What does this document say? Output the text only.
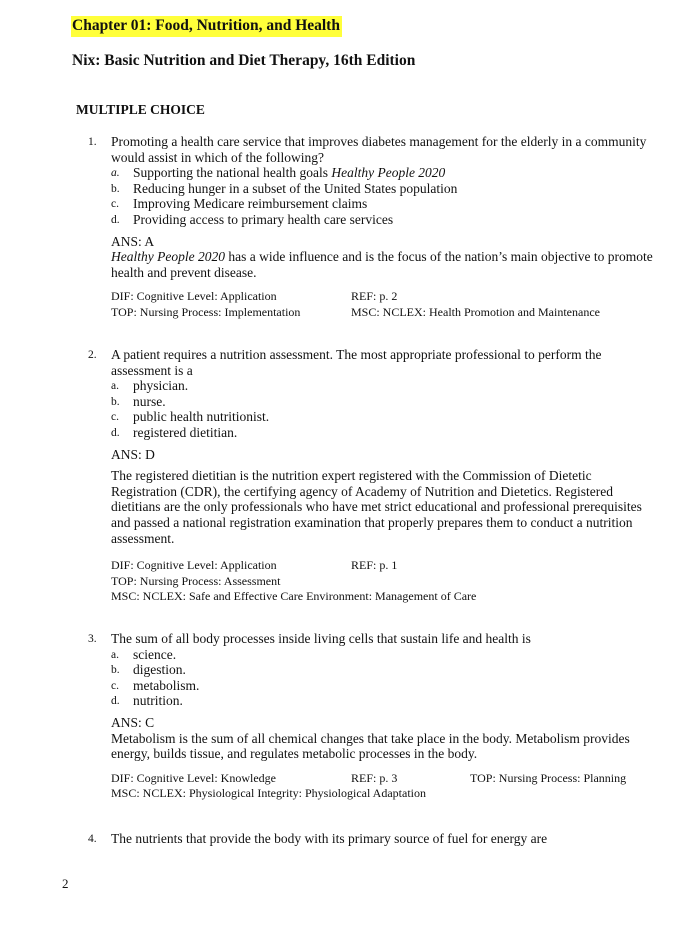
Chapter 01: Food, Nutrition, and Health
Nix: Basic Nutrition and Diet Therapy, 16th Edition
MULTIPLE CHOICE
1. Promoting a health care service that improves diabetes management for the elderly in a community would assist in which of the following?
a. Supporting the national health goals Healthy People 2020
b. Reducing hunger in a subset of the United States population
c. Improving Medicare reimbursement claims
d. Providing access to primary health care services
ANS: A
Healthy People 2020 has a wide influence and is the focus of the nation’s main objective to promote health and prevent disease.
DIF: Cognitive Level: Application	REF: p. 2
TOP: Nursing Process: Implementation	MSC: NCLEX: Health Promotion and Maintenance
2. A patient requires a nutrition assessment. The most appropriate professional to perform the assessment is a
a. physician.
b. nurse.
c. public health nutritionist.
d. registered dietitian.
ANS: D
The registered dietitian is the nutrition expert registered with the Commission of Dietetic Registration (CDR), the certifying agency of Academy of Nutrition and Dietetics. Registered dietitians are the only professionals who have met strict educational and professional prerequisites and passed a national registration examination that properly prepares them to conduct a nutrition assessment.
DIF: Cognitive Level: Application	REF: p. 1
TOP: Nursing Process: Assessment
MSC: NCLEX: Safe and Effective Care Environment: Management of Care
3. The sum of all body processes inside living cells that sustain life and health is
a. science.
b. digestion.
c. metabolism.
d. nutrition.
ANS: C
Metabolism is the sum of all chemical changes that take place in the body. Metabolism provides energy, builds tissue, and regulates metabolic processes in the body.
DIF: Cognitive Level: Knowledge	REF: p. 3	TOP: Nursing Process: Planning
MSC: NCLEX: Physiological Integrity: Physiological Adaptation
4. The nutrients that provide the body with its primary source of fuel for energy are
2
